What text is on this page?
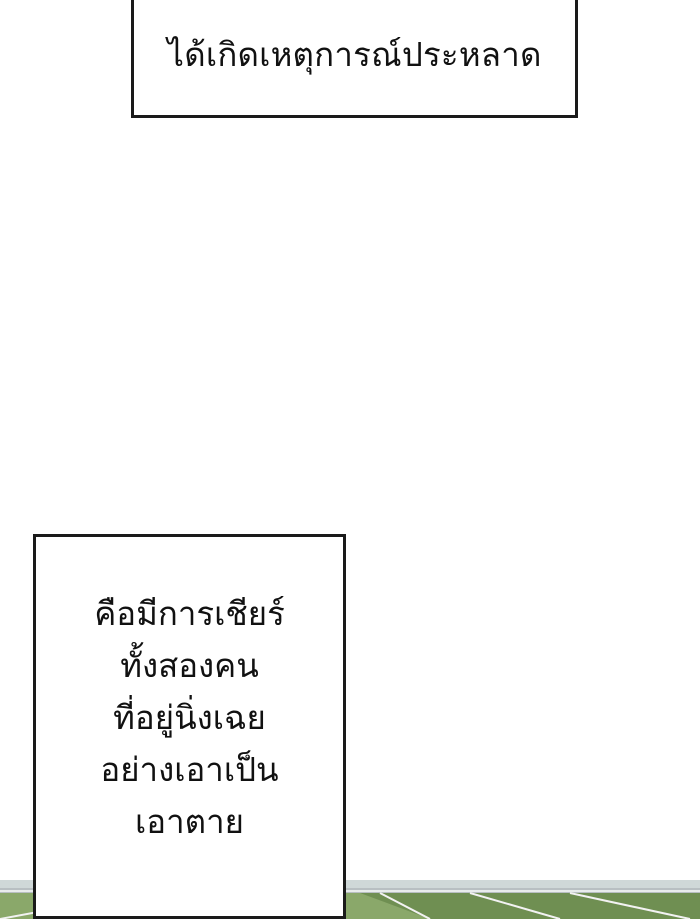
ได้เกิดเหตุการณ์ประหลาด
คือมีการเชียร์
ทั้งสองคน
ที่อยู่นิ่งเฉย
อย่างเอาเป็น
เอาตาย
